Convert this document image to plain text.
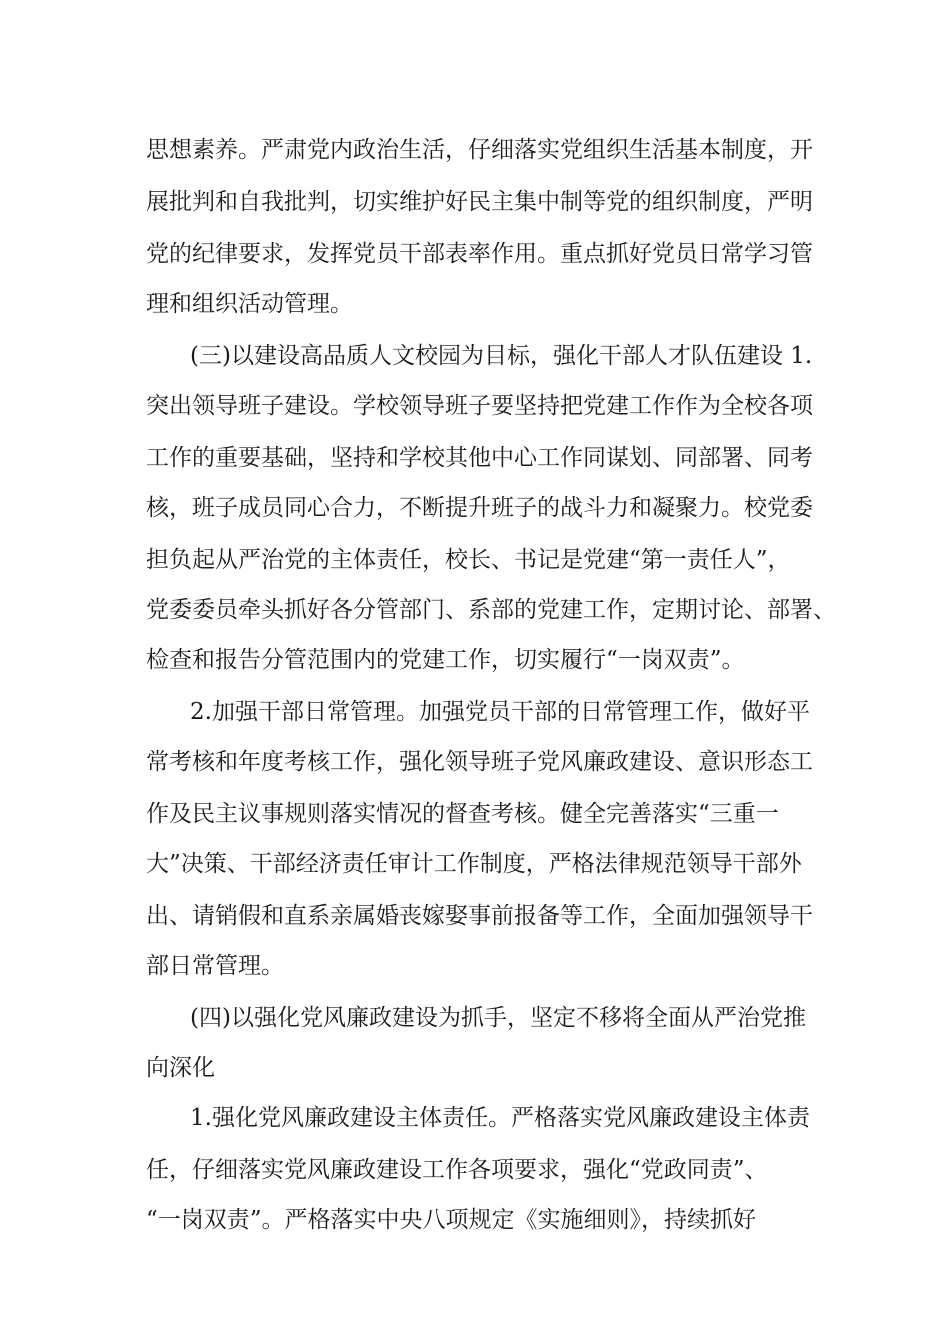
思想素养。严肃党内政治生活，仔细落实党组织生活基本制度，开

展批判和自我批判，切实维护好民主集中制等党的组织制度，严明

党的纪律要求，发挥党员干部表率作用。重点抓好党员日常学习管

理和组织活动管理。

(三)以建设高品质人文校园为目标，强化干部人才队伍建设 1.

突出领导班子建设。学校领导班子要坚持把党建工作作为全校各项

工作的重要基础，坚持和学校其他中心工作同谋划、同部署、同考

核，班子成员同心合力，不断提升班子的战斗力和凝聚力。校党委

担负起从严治党的主体责任，校长、书记是党建“第一责任人”，

党委委员牵头抓好各分管部门、系部的党建工作，定期讨论、部署、

检查和报告分管范围内的党建工作，切实履行“一岗双责”。

2.加强干部日常管理。加强党员干部的日常管理工作，做好平

常考核和年度考核工作，强化领导班子党风廉政建设、意识形态工

作及民主议事规则落实情况的督查考核。健全完善落实“三重一

大”决策、干部经济责任审计工作制度，严格法律规范领导干部外

出、请销假和直系亲属婚丧嫁娶事前报备等工作，全面加强领导干

部日常管理。

(四)以强化党风廉政建设为抓手，坚定不移将全面从严治党推

向深化

1.强化党风廉政建设主体责任。严格落实党风廉政建设主体责

任，仔细落实党风廉政建设工作各项要求，强化“党政同责”、

“一岗双责”。严格落实中央八项规定《实施细则》，持续抓好
